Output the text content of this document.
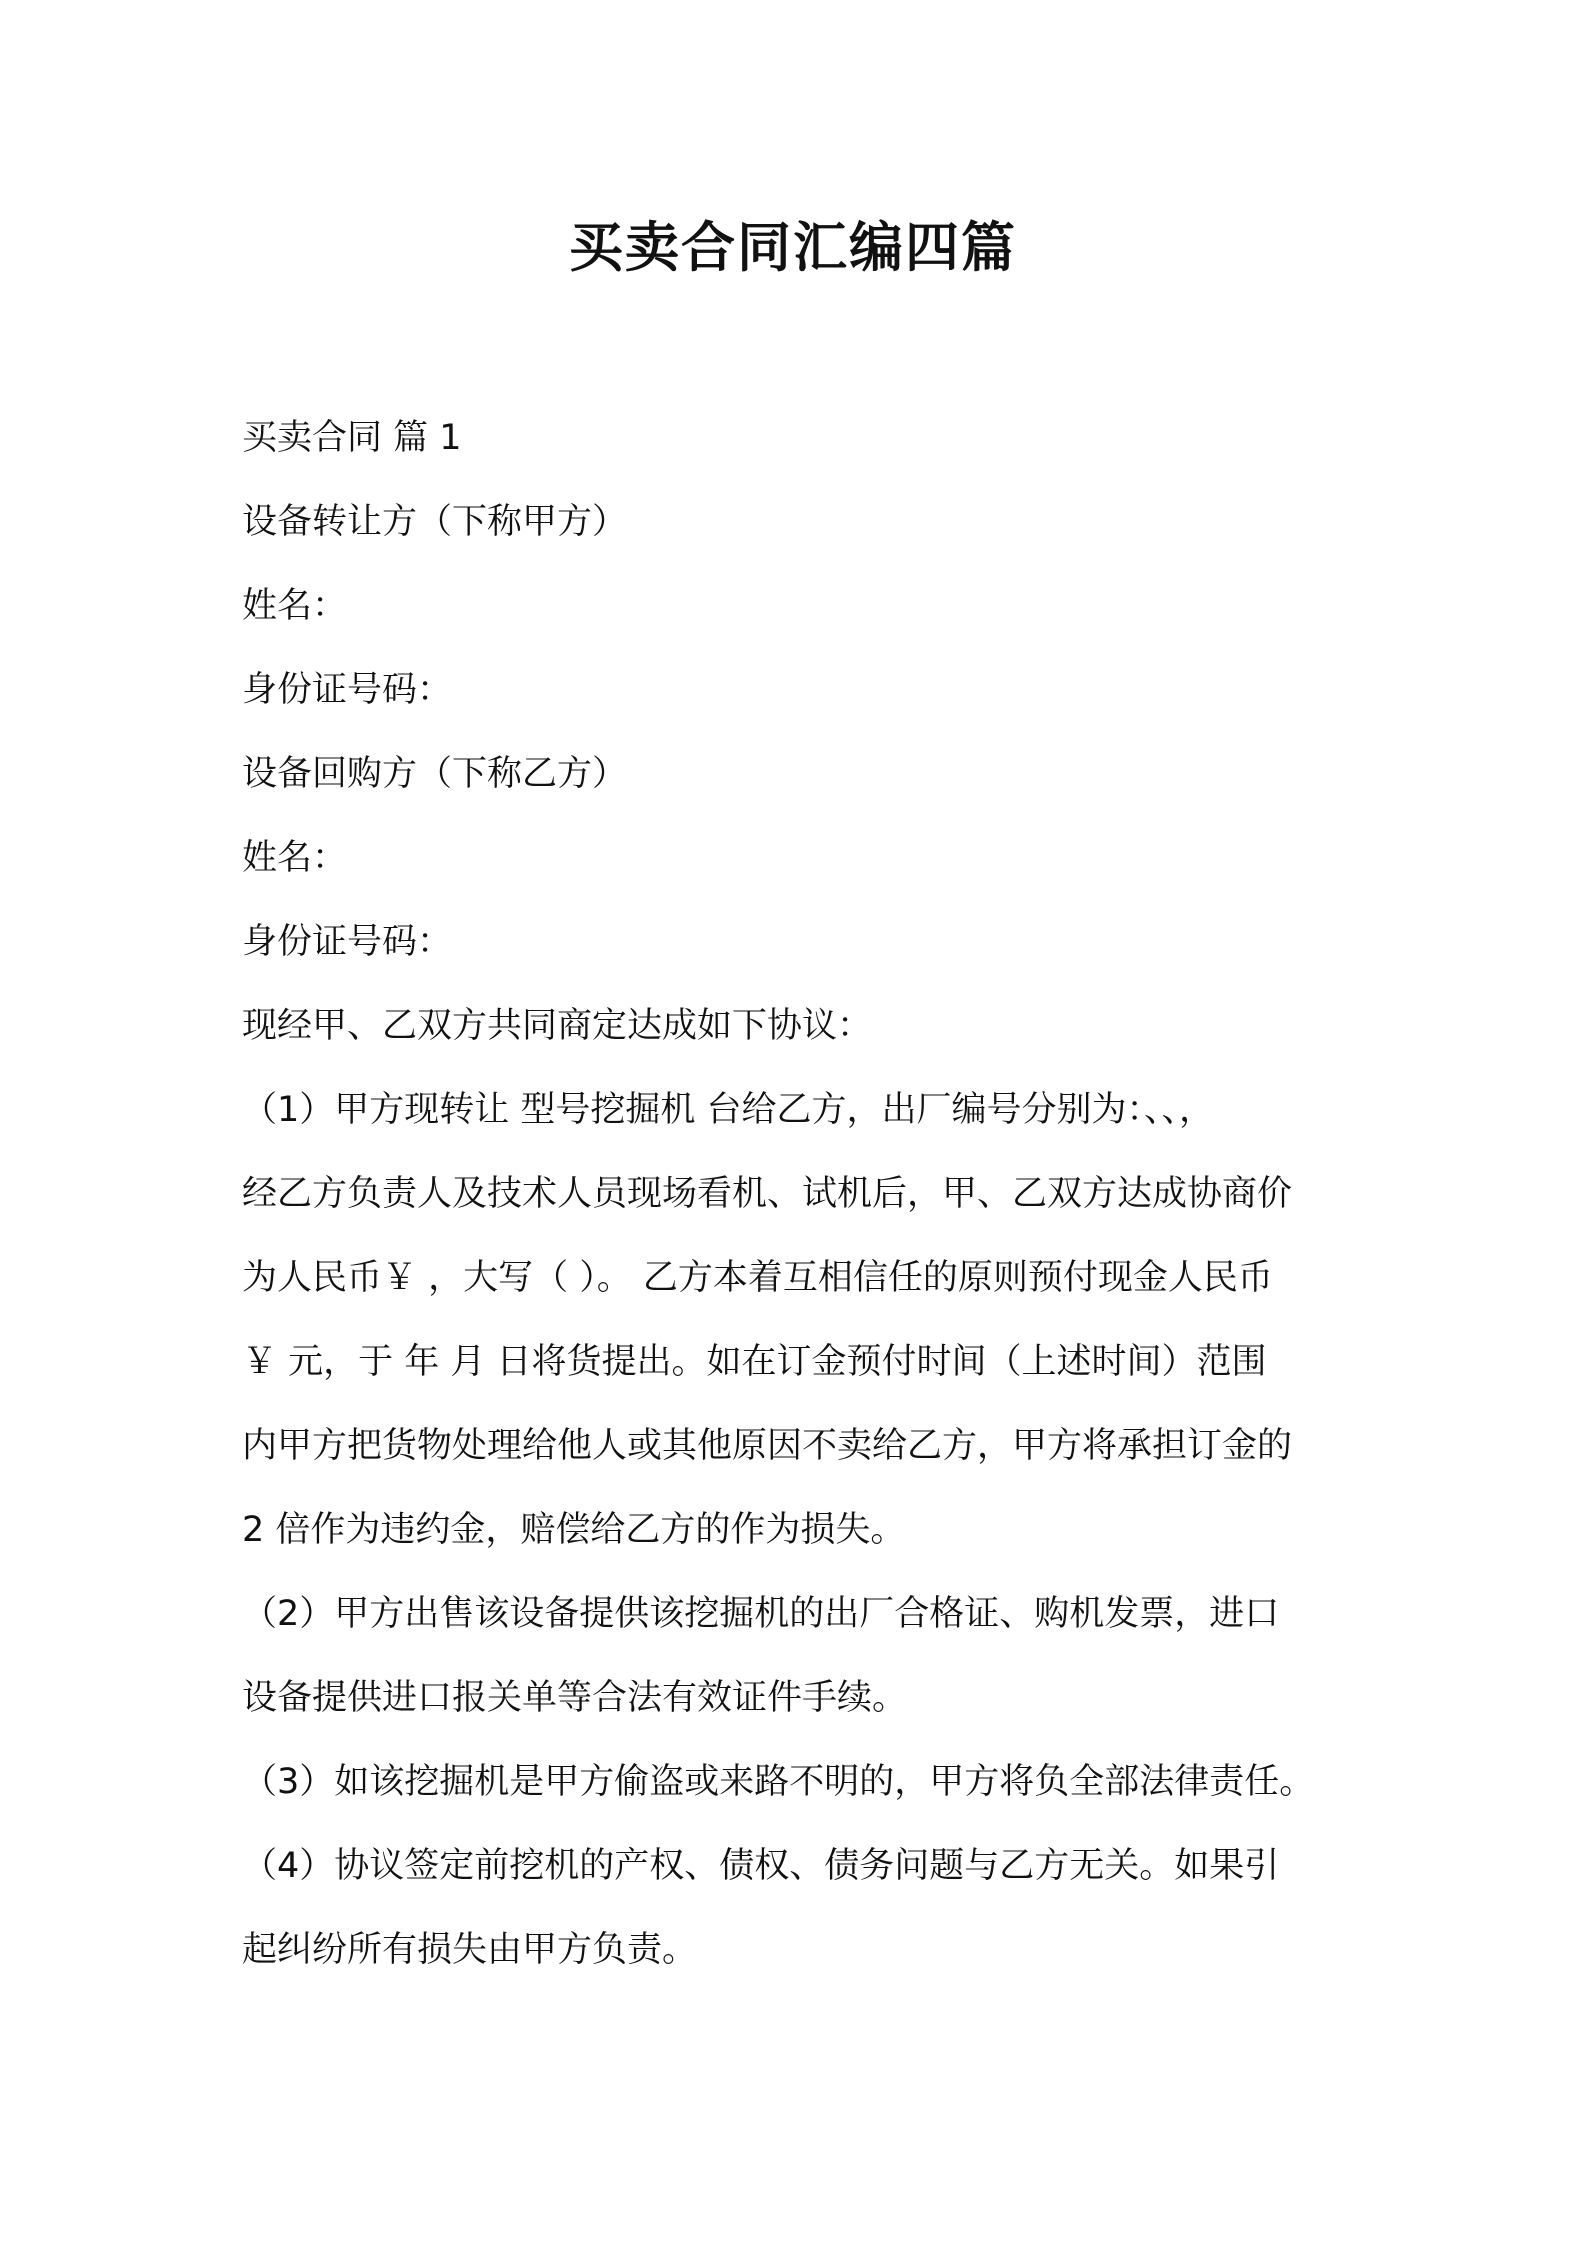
买卖合同汇编四篇
买卖合同 篇 1
设备转让方（下称甲方）
姓名：
身份证号码：
设备回购方（下称乙方）
姓名：
身份证号码：
现经甲、乙双方共同商定达成如下协议：
（1）甲方现转让 型号挖掘机 台给乙方，出厂编号分别为：、、，
经乙方负责人及技术人员现场看机、试机后，甲、乙双方达成协商价
为人民币￥ ，大写（ ）。 乙方本着互相信任的原则预付现金人民币
￥ 元，于 年 月 日将货提出。如在订金预付时间（上述时间）范围
内甲方把货物处理给他人或其他原因不卖给乙方，甲方将承担订金的
2 倍作为违约金，赔偿给乙方的作为损失。
（2）甲方出售该设备提供该挖掘机的出厂合格证、购机发票，进口
设备提供进口报关单等合法有效证件手续。
（3）如该挖掘机是甲方偷盗或来路不明的，甲方将负全部法律责任。
（4）协议签定前挖机的产权、债权、债务问题与乙方无关。如果引
起纠纷所有损失由甲方负责。
